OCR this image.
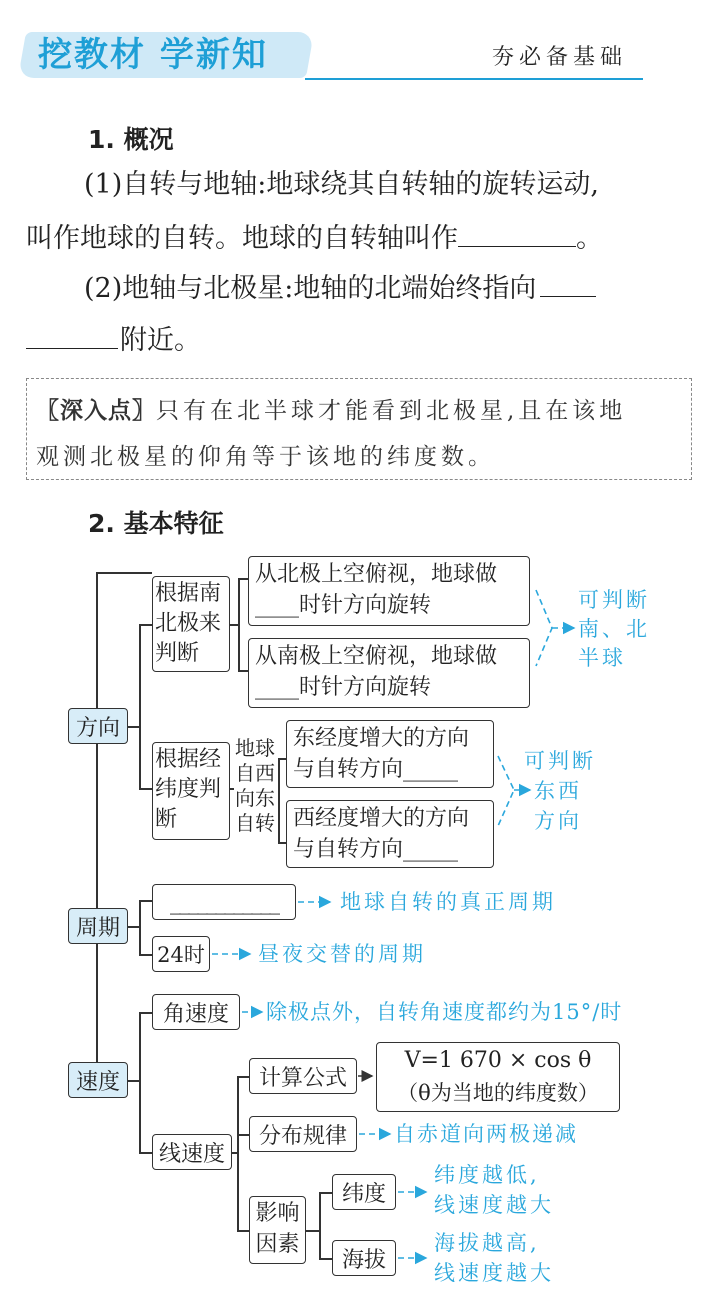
挖教材 学新知	夯必备基础
1. 概况
(1)自转与地轴:地球绕其自转轴的旋转运动,
叫作地球的自转。地球的自转轴叫作	。
(2)地轴与北极星:地轴的北端始终指向
附近。
〖深入点〗只有在北半球才能看到北极星,且在该地
观测北极星的仰角等于该地的纬度数。
2. 基本特征
方向
根据南
北极来
判断
从北极上空俯视，地球做
____时针方向旋转
从南极上空俯视，地球做
____时针方向旋转
根据经
纬度判
断
地球
自西
向东
自转
东经度增大的方向
与自转方向_____
西经度增大的方向
与自转方向_____
周期
____________
24时
速度
角速度
线速度
计算公式
V=1 670 × cos θ
（θ为当地的纬度数）
分布规律
影响
因素
纬度
海拔
可判断
南、北
半球
可判断
东西
方向
地球自转的真正周期
昼夜交替的周期
除极点外，自转角速度都约为15°/时
自赤道向两极递减
纬度越低,
线速度越大
海拔越高,
线速度越大
